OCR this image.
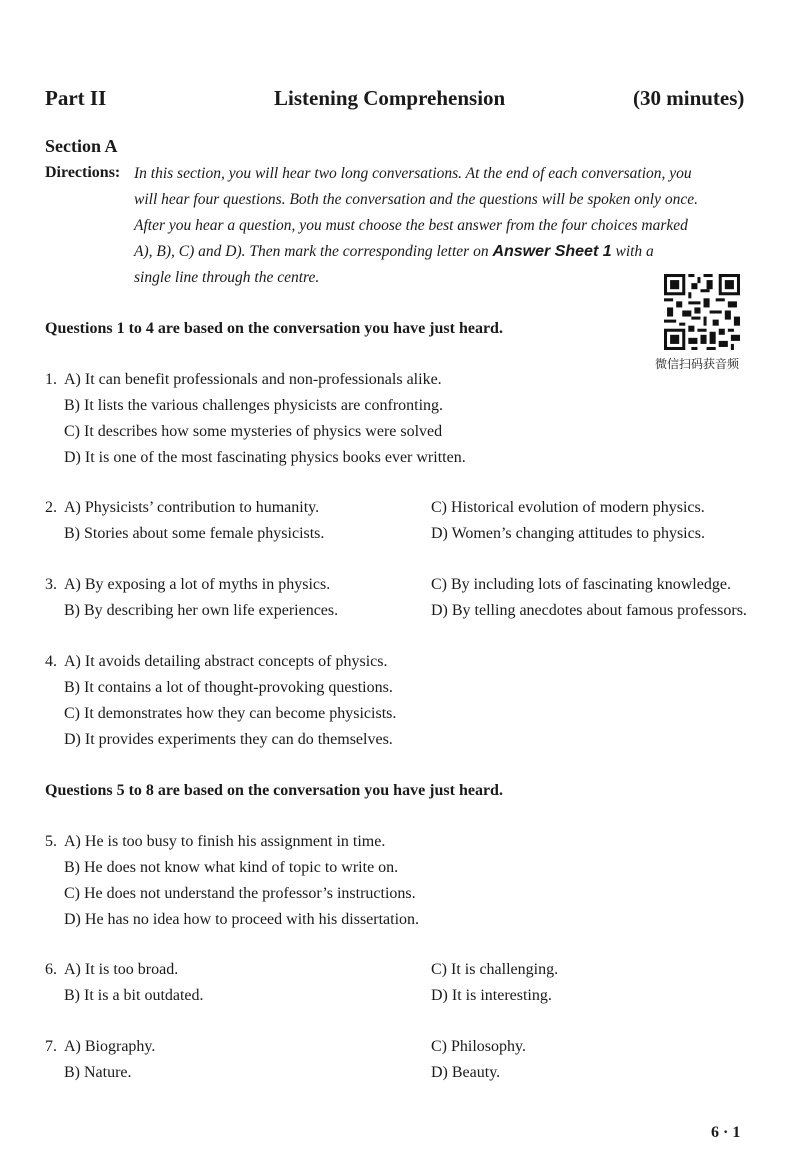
Part II	Listening Comprehension	(30 minutes)
Section A
Directions: In this section, you will hear two long conversations. At the end of each conversation, you
will hear four questions. Both the conversation and the questions will be spoken only once.
After you hear a question, you must choose the best answer from the four choices marked
A), B), C) and D). Then mark the corresponding letter on Answer Sheet 1 with a
single line through the centre.
微信扫码获音频
Questions 1 to 4 are based on the conversation you have just heard.
1. A) It can benefit professionals and non-professionals alike.
B) It lists the various challenges physicists are confronting.
C) It describes how some mysteries of physics were solved
D) It is one of the most fascinating physics books ever written.
2. A) Physicists’ contribution to humanity.
B) Stories about some female physicists.
C) Historical evolution of modern physics.
D) Women’s changing attitudes to physics.
3. A) By exposing a lot of myths in physics.
B) By describing her own life experiences.
C) By including lots of fascinating knowledge.
D) By telling anecdotes about famous professors.
4. A) It avoids detailing abstract concepts of physics.
B) It contains a lot of thought-provoking questions.
C) It demonstrates how they can become physicists.
D) It provides experiments they can do themselves.
Questions 5 to 8 are based on the conversation you have just heard.
5. A) He is too busy to finish his assignment in time.
B) He does not know what kind of topic to write on.
C) He does not understand the professor’s instructions.
D) He has no idea how to proceed with his dissertation.
6. A) It is too broad.
B) It is a bit outdated.
C) It is challenging.
D) It is interesting.
7. A) Biography.
B) Nature.
C) Philosophy.
D) Beauty.
6 · 1
